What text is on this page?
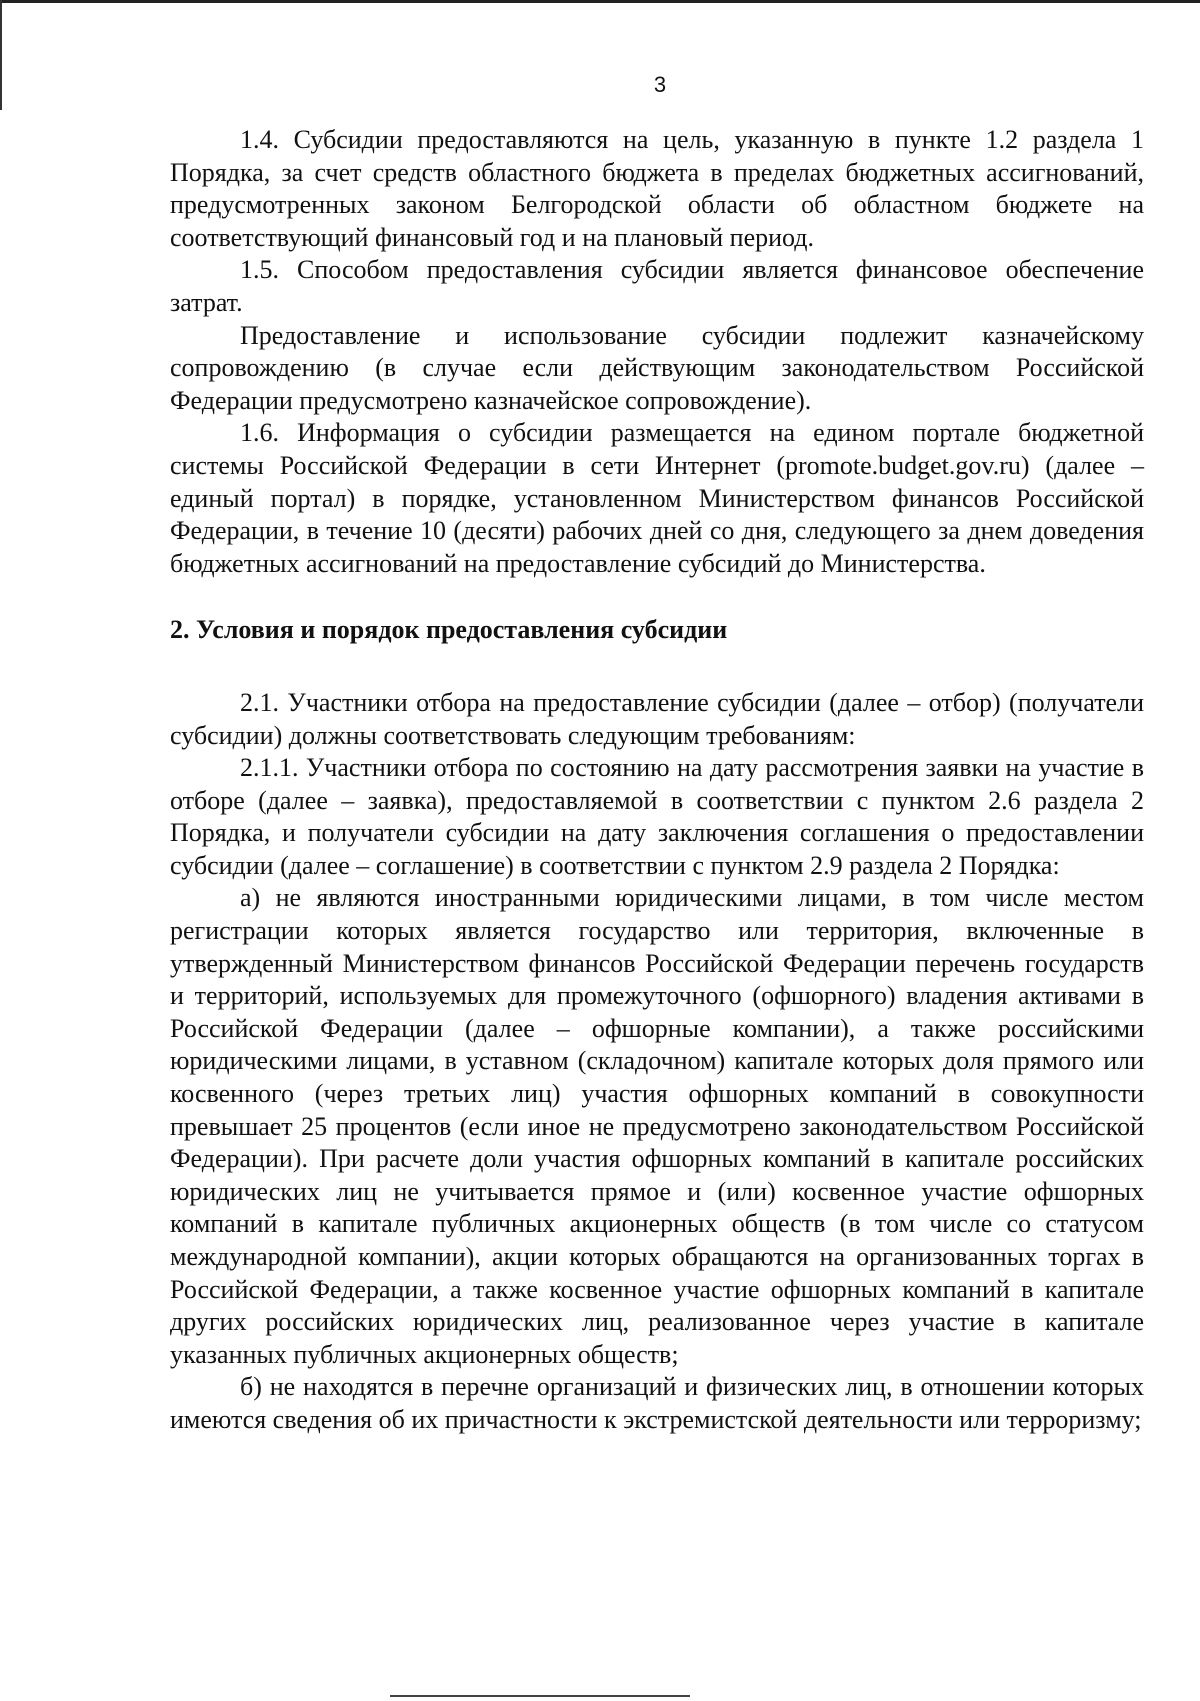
3

1.4. Субсидии предоставляются на цель, указанную в пункте 1.2 раздела 1 Порядка, за счет средств областного бюджета в пределах бюджетных ассигнований, предусмотренных законом Белгородской области об областном бюджете на соответствующий финансовый год и на плановый период.

1.5. Способом предоставления субсидии является финансовое обеспечение затрат.

Предоставление и использование субсидии подлежит казначейскому сопровождению (в случае если действующим законодательством Российской Федерации предусмотрено казначейское сопровождение).

1.6. Информация о субсидии размещается на едином портале бюджетной системы Российской Федерации в сети Интернет (promote.budget.gov.ru) (далее – единый портал) в порядке, установленном Министерством финансов Российской Федерации, в течение 10 (десяти) рабочих дней со дня, следующего за днем доведения бюджетных ассигнований на предоставление субсидий до Министерства.

2. Условия и порядок предоставления субсидии

2.1. Участники отбора на предоставление субсидии (далее – отбор) (получатели субсидии) должны соответствовать следующим требованиям:

2.1.1. Участники отбора по состоянию на дату рассмотрения заявки на участие в отборе (далее – заявка), предоставляемой в соответствии с пунктом 2.6 раздела 2 Порядка, и получатели субсидии на дату заключения соглашения о предоставлении субсидии (далее – соглашение) в соответствии с пунктом 2.9 раздела 2 Порядка:

а) не являются иностранными юридическими лицами, в том числе местом регистрации которых является государство или территория, включенные в утвержденный Министерством финансов Российской Федерации перечень государств и территорий, используемых для промежуточного (офшорного) владения активами в Российской Федерации (далее – офшорные компании), а также российскими юридическими лицами, в уставном (складочном) капитале которых доля прямого или косвенного (через третьих лиц) участия офшорных компаний в совокупности превышает 25 процентов (если иное не предусмотрено законодательством Российской Федерации). При расчете доли участия офшорных компаний в капитале российских юридических лиц не учитывается прямое и (или) косвенное участие офшорных компаний в капитале публичных акционерных обществ (в том числе со статусом международной компании), акции которых обращаются на организованных торгах в Российской Федерации, а также косвенное участие офшорных компаний в капитале других российских юридических лиц, реализованное через участие в капитале указанных публичных акционерных обществ;

б) не находятся в перечне организаций и физических лиц, в отношении которых имеются сведения об их причастности к экстремистской деятельности или терроризму;
